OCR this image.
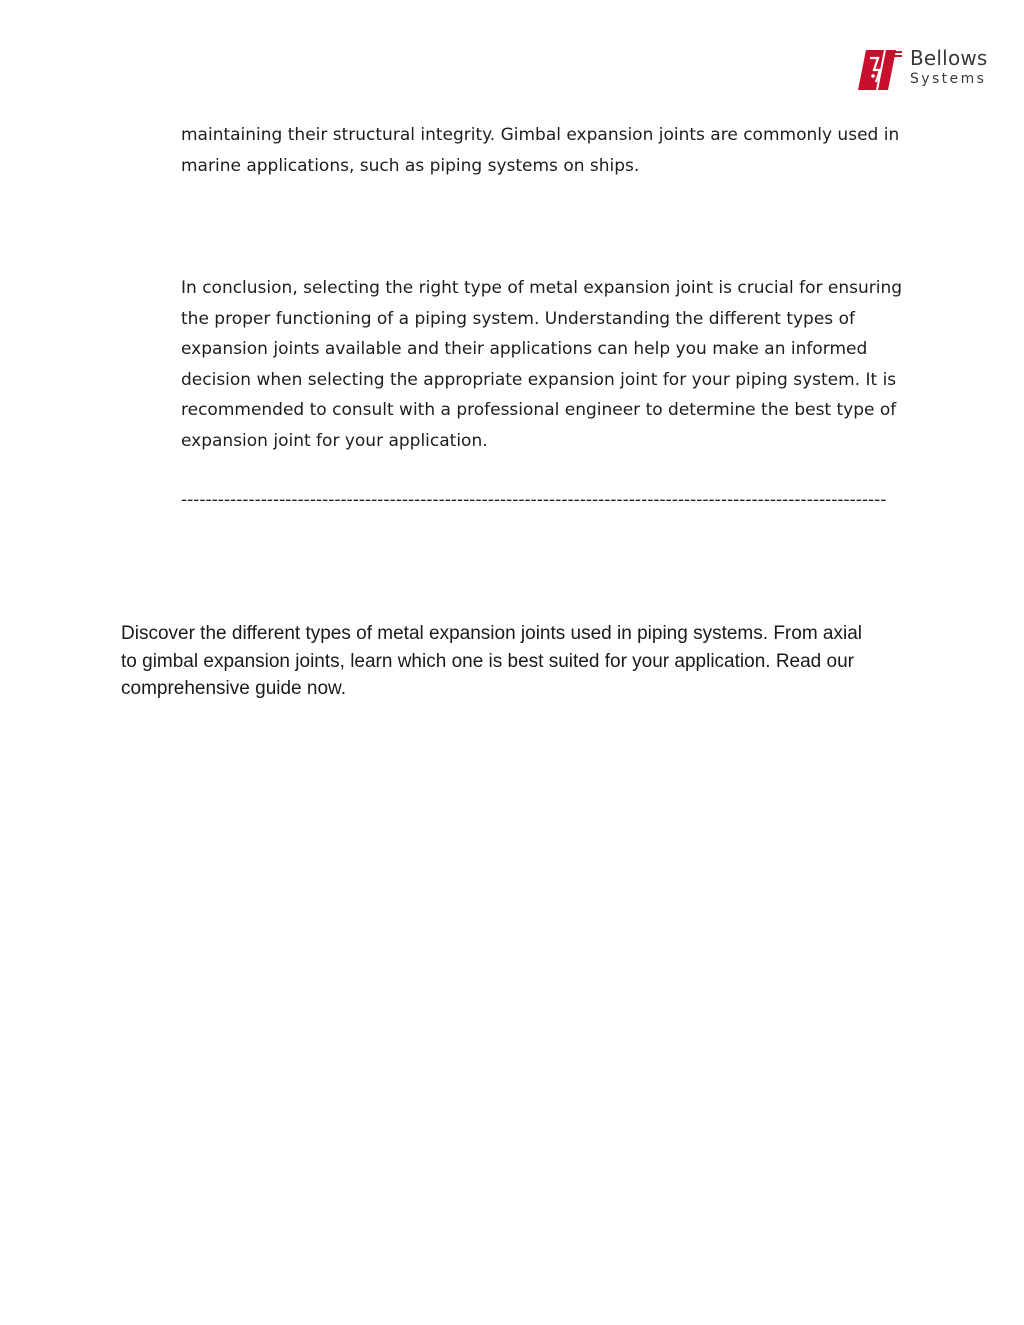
Bellows
Systems

maintaining their structural integrity. Gimbal expansion joints are commonly used in marine applications, such as piping systems on ships.

In conclusion, selecting the right type of metal expansion joint is crucial for ensuring the proper functioning of a piping system. Understanding the different types of expansion joints available and their applications can help you make an informed decision when selecting the appropriate expansion joint for your piping system. It is recommended to consult with a professional engineer to determine the best type of expansion joint for your application.

-------------------------------------------------------------------------------------------------------------------

Discover the different types of metal expansion joints used in piping systems. From axial to gimbal expansion joints, learn which one is best suited for your application. Read our comprehensive guide now.
